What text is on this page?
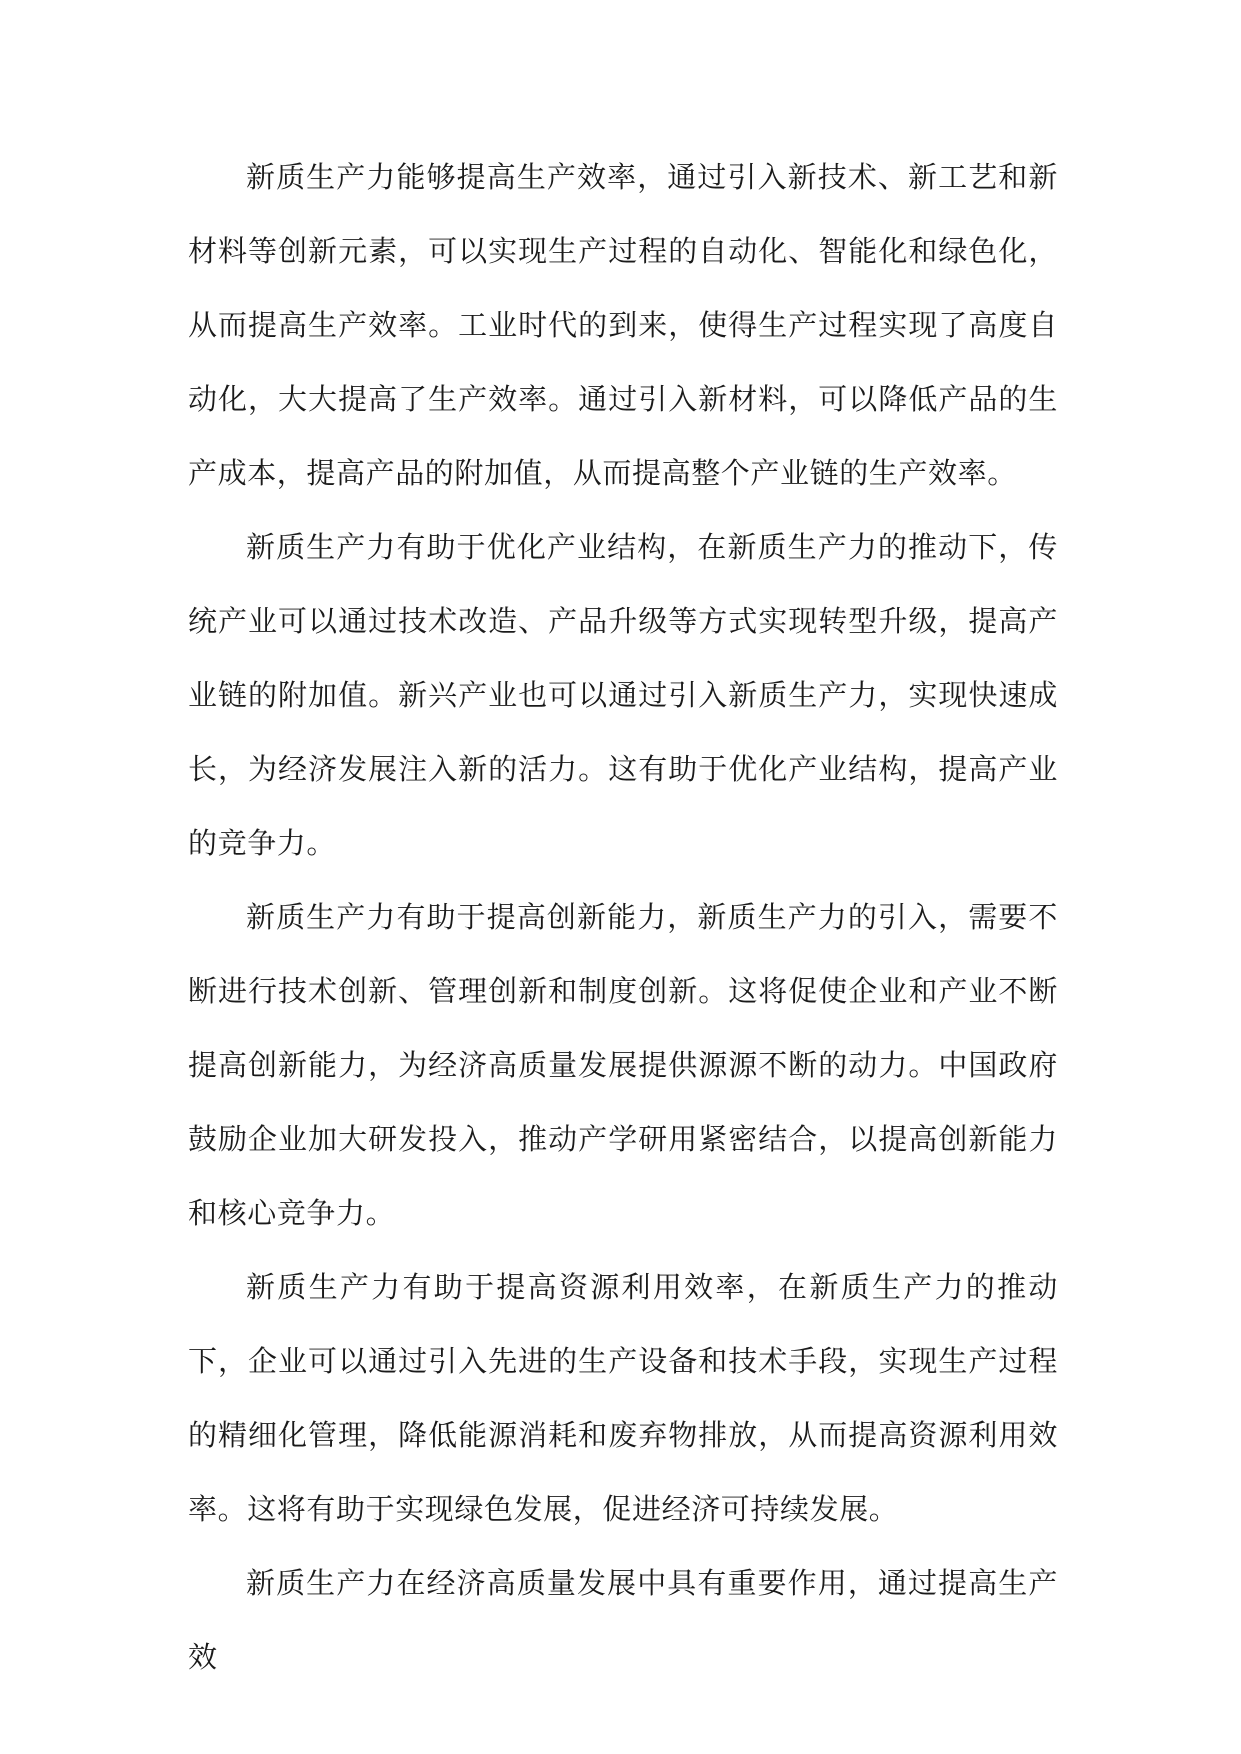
新质生产力能够提高生产效率，通过引入新技术、新工艺和新材料等创新元素，可以实现生产过程的自动化、智能化和绿色化，从而提高生产效率。工业时代的到来，使得生产过程实现了高度自动化，大大提高了生产效率。通过引入新材料，可以降低产品的生产成本，提高产品的附加值，从而提高整个产业链的生产效率。

新质生产力有助于优化产业结构，在新质生产力的推动下，传统产业可以通过技术改造、产品升级等方式实现转型升级，提高产业链的附加值。新兴产业也可以通过引入新质生产力，实现快速成长，为经济发展注入新的活力。这有助于优化产业结构，提高产业的竞争力。

新质生产力有助于提高创新能力，新质生产力的引入，需要不断进行技术创新、管理创新和制度创新。这将促使企业和产业不断提高创新能力，为经济高质量发展提供源源不断的动力。中国政府鼓励企业加大研发投入，推动产学研用紧密结合，以提高创新能力和核心竞争力。

新质生产力有助于提高资源利用效率，在新质生产力的推动下，企业可以通过引入先进的生产设备和技术手段，实现生产过程的精细化管理，降低能源消耗和废弃物排放，从而提高资源利用效率。这将有助于实现绿色发展，促进经济可持续发展。

新质生产力在经济高质量发展中具有重要作用，通过提高生产效
